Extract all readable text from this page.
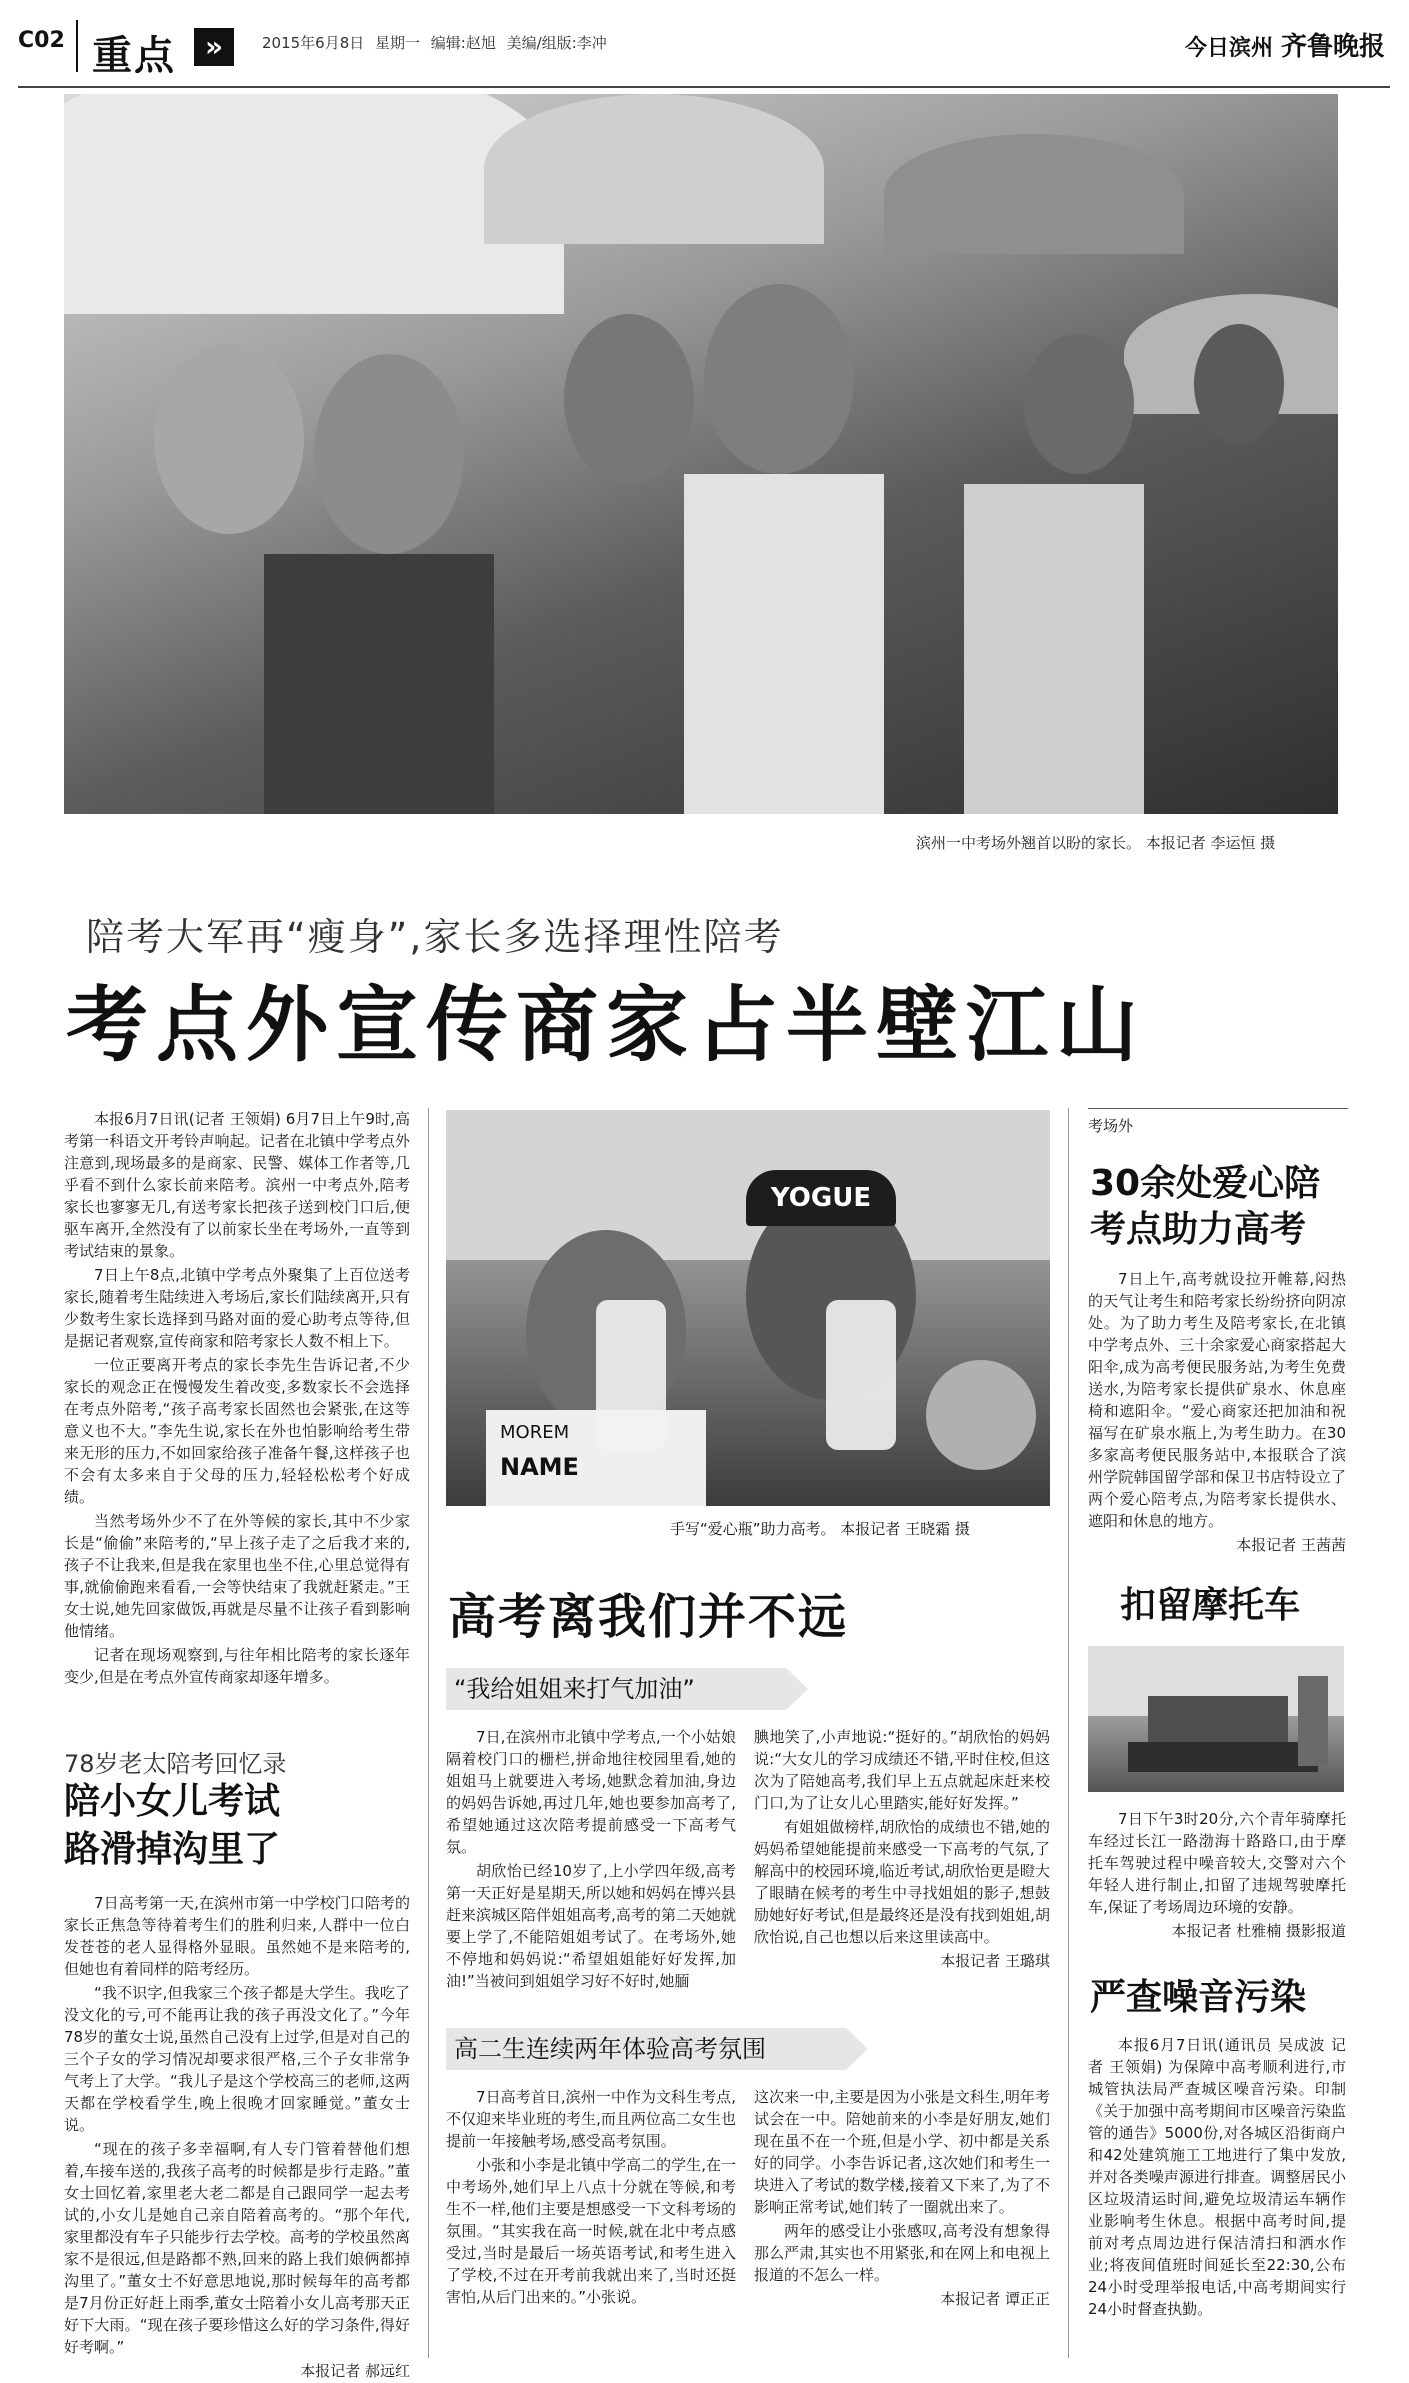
C02 重点	»	2015年6月8日 星期一 编辑:赵旭 美编/组版:李冲	今日滨州 齐鲁晚报
滨州一中考场外翘首以盼的家长。 本报记者 李运恒 摄
陪考大军再“瘦身”,家长多选择理性陪考
考点外宣传商家占半壁江山

本报6月7日讯(记者 王领娟) 6月7日上午9时,高考第一科语文开考铃声响起。记者在北镇中学考点外注意到,现场最多的是商家、民警、媒体工作者等,几乎看不到什么家长前来陪考。滨州一中考点外,陪考家长也寥寥无几,有送考家长把孩子送到校门口后,便驱车离开,全然没有了以前家长坐在考场外,一直等到考试结束的景象。

7日上午8点,北镇中学考点外聚集了上百位送考家长,随着考生陆续进入考场后,家长们陆续离开,只有少数考生家长选择到马路对面的爱心助考点等待,但是据记者观察,宣传商家和陪考家长人数不相上下。

一位正要离开考点的家长李先生告诉记者,不少家长的观念正在慢慢发生着改变,多数家长不会选择在考点外陪考,“孩子高考家长固然也会紧张,在这等意义也不大。”李先生说,家长在外也怕影响给考生带来无形的压力,不如回家给孩子准备午餐,这样孩子也不会有太多来自于父母的压力,轻轻松松考个好成绩。

当然考场外少不了在外等候的家长,其中不少家长是“偷偷”来陪考的,“早上孩子走了之后我才来的,孩子不让我来,但是我在家里也坐不住,心里总觉得有事,就偷偷跑来看看,一会等快结束了我就赶紧走。”王女士说,她先回家做饭,再就是尽量不让孩子看到影响他情绪。

记者在现场观察到,与往年相比陪考的家长逐年变少,但是在考点外宣传商家却逐年增多。

78岁老太陪考回忆录
陪小女儿考试
路滑掉沟里了

7日高考第一天,在滨州市第一中学校门口陪考的家长正焦急等待着考生们的胜利归来,人群中一位白发苍苍的老人显得格外显眼。虽然她不是来陪考的,但她也有着同样的陪考经历。

“我不识字,但我家三个孩子都是大学生。我吃了没文化的亏,可不能再让我的孩子再没文化了。”今年78岁的董女士说,虽然自己没有上过学,但是对自己的三个子女的学习情况却要求很严格,三个子女非常争气考上了大学。“我儿子是这个学校高三的老师,这两天都在学校看学生,晚上很晚才回家睡觉。”董女士说。

“现在的孩子多幸福啊,有人专门管着替他们想着,车接车送的,我孩子高考的时候都是步行走路。”董女士回忆着,家里老大老二都是自己跟同学一起去考试的,小女儿是她自己亲自陪着高考的。“那个年代,家里都没有车子只能步行去学校。高考的学校虽然离家不是很远,但是路都不熟,回来的路上我们娘俩都掉沟里了。”董女士不好意思地说,那时候每年的高考都是7月份正好赶上雨季,董女士陪着小女儿高考那天正好下大雨。“现在孩子要珍惜这么好的学习条件,得好好考啊。”

本报记者 郝远红
YOGUE
MOREM
NAME
手写“爱心瓶”助力高考。 本报记者 王晓霜 摄
高考离我们并不远
“我给姐姐来打气加油”

7日,在滨州市北镇中学考点,一个小姑娘隔着校门口的栅栏,拼命地往校园里看,她的姐姐马上就要进入考场,她默念着加油,身边的妈妈告诉她,再过几年,她也要参加高考了,希望她通过这次陪考提前感受一下高考气氛。

胡欣怡已经10岁了,上小学四年级,高考第一天正好是星期天,所以她和妈妈在博兴县赶来滨城区陪伴姐姐高考,高考的第二天她就要上学了,不能陪姐姐考试了。在考场外,她不停地和妈妈说:“希望姐姐能好好发挥,加油!”当被问到姐姐学习好不好时,她腼

腆地笑了,小声地说:“挺好的。”胡欣怡的妈妈说:“大女儿的学习成绩还不错,平时住校,但这次为了陪她高考,我们早上五点就起床赶来校门口,为了让女儿心里踏实,能好好发挥。”

有姐姐做榜样,胡欣怡的成绩也不错,她的妈妈希望她能提前来感受一下高考的气氛,了解高中的校园环境,临近考试,胡欣怡更是瞪大了眼睛在候考的考生中寻找姐姐的影子,想鼓励她好好考试,但是最终还是没有找到姐姐,胡欣怡说,自己也想以后来这里读高中。

本报记者 王璐琪
高二生连续两年体验高考氛围

7日高考首日,滨州一中作为文科生考点,不仅迎来毕业班的考生,而且两位高二女生也提前一年接触考场,感受高考氛围。

小张和小李是北镇中学高二的学生,在一中考场外,她们早上八点十分就在等候,和考生不一样,他们主要是想感受一下文科考场的氛围。“其实我在高一时候,就在北中考点感受过,当时是最后一场英语考试,和考生进入了学校,不过在开考前我就出来了,当时还挺害怕,从后门出来的。”小张说。

这次来一中,主要是因为小张是文科生,明年考试会在一中。陪她前来的小李是好朋友,她们现在虽不在一个班,但是小学、初中都是关系好的同学。小李告诉记者,这次她们和考生一块进入了考试的数学楼,接着又下来了,为了不影响正常考试,她们转了一圈就出来了。

两年的感受让小张感叹,高考没有想象得那么严肃,其实也不用紧张,和在网上和电视上报道的不怎么一样。

本报记者 谭正正
考场外
30余处爱心陪
考点助力高考

7日上午,高考就设拉开帷幕,闷热的天气让考生和陪考家长纷纷挤向阴凉处。为了助力考生及陪考家长,在北镇中学考点外、三十余家爱心商家搭起大阳伞,成为高考便民服务站,为考生免费送水,为陪考家长提供矿泉水、休息座椅和遮阳伞。“爱心商家还把加油和祝福写在矿泉水瓶上,为考生助力。在30多家高考便民服务站中,本报联合了滨州学院韩国留学部和保卫书店特设立了两个爱心陪考点,为陪考家长提供水、遮阳和休息的地方。

本报记者 王茜茜
扣留摩托车

7日下午3时20分,六个青年骑摩托车经过长江一路渤海十路路口,由于摩托车驾驶过程中噪音较大,交警对六个年轻人进行制止,扣留了违规驾驶摩托车,保证了考场周边环境的安静。

本报记者 杜雅楠 摄影报道
严查噪音污染

本报6月7日讯(通讯员 吴成波 记者 王领娟) 为保障中高考顺利进行,市城管执法局严查城区噪音污染。印制《关于加强中高考期间市区噪音污染监管的通告》5000份,对各城区沿街商户和42处建筑施工工地进行了集中发放,并对各类噪声源进行排查。调整居民小区垃圾清运时间,避免垃圾清运车辆作业影响考生休息。根据中高考时间,提前对考点周边进行保洁清扫和洒水作业;将夜间值班时间延长至22:30,公布24小时受理举报电话,中高考期间实行24小时督查执勤。
